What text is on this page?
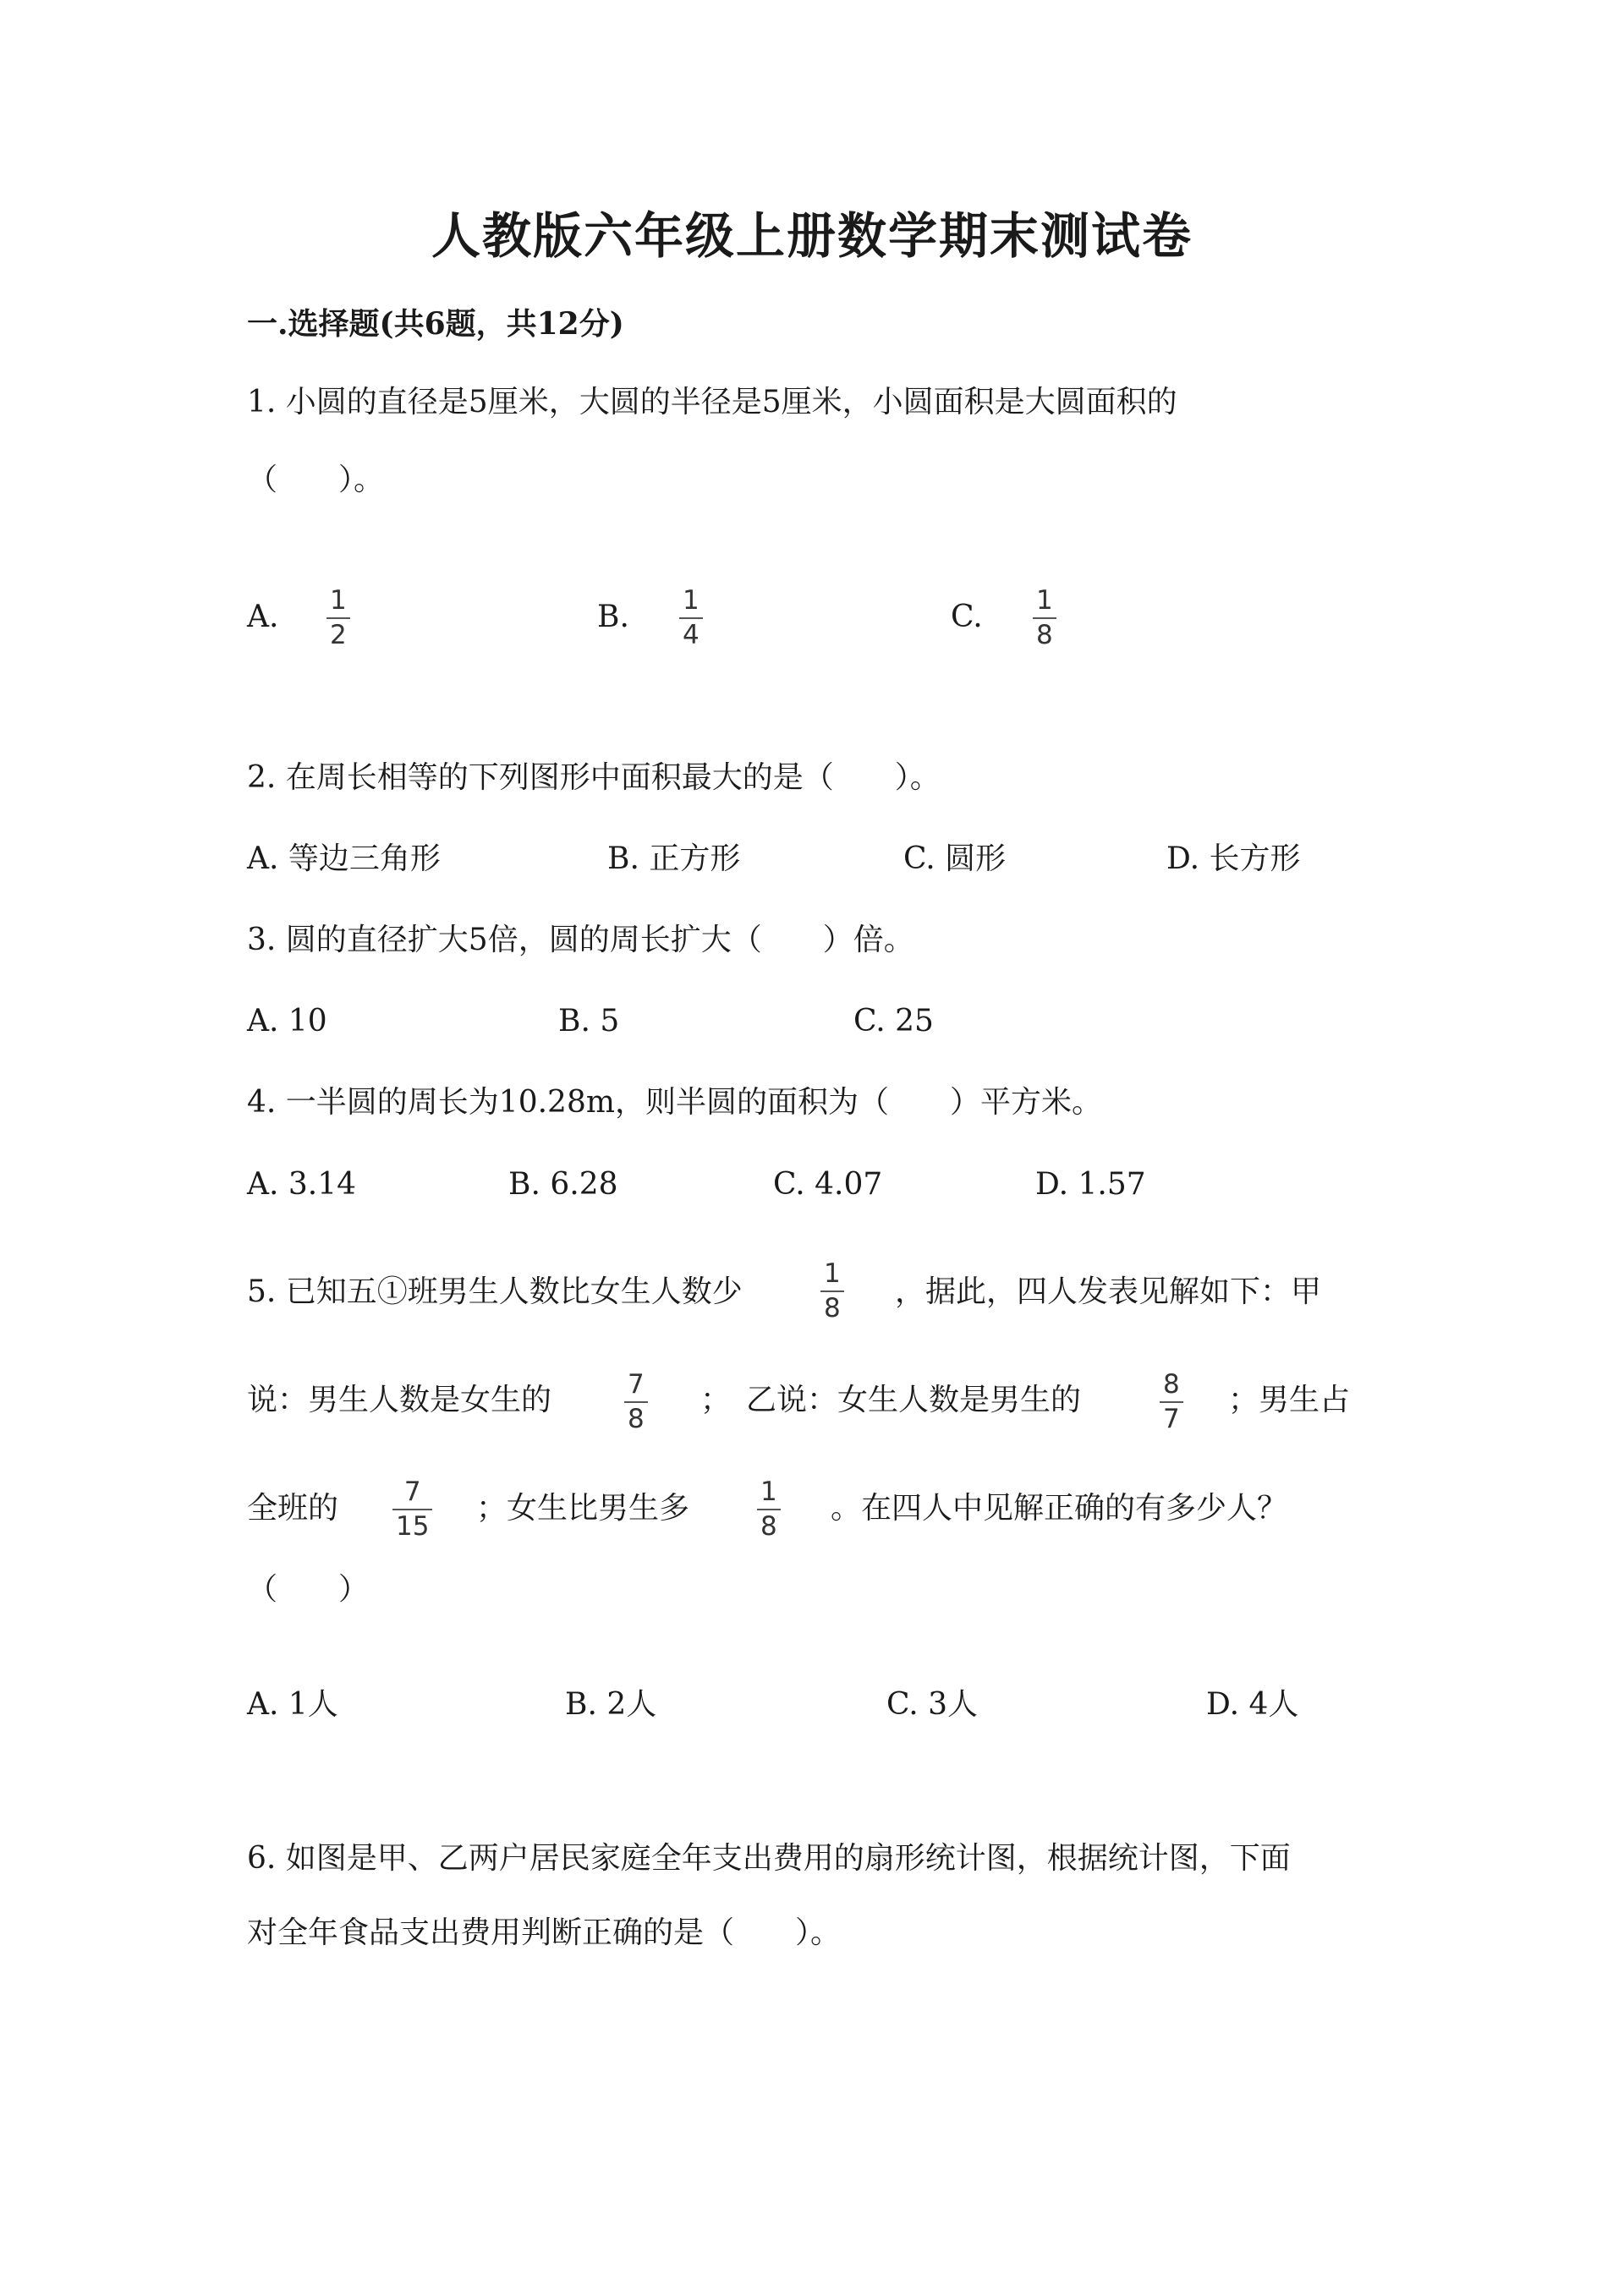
人教版六年级上册数学期末测试卷
一.选择题(共6题，共12分)
1. 小圆的直径是5厘米，大圆的半径是5厘米，小圆面积是大圆面积的
（　　）。
A. 1
2
B. 1
4
C. 1
8
2. 在周长相等的下列图形中面积最大的是（　　）。
A. 等边三角形	B. 正方形	C. 圆形	D. 长方形
3. 圆的直径扩大5倍，圆的周长扩大（　　）倍。
A. 10	B. 5	C. 25
4. 一半圆的周长为10.28m，则半圆的面积为（　　）平方米。
A. 3.14	B. 6.28	C. 4.07	D. 1.57
5. 已知五①班男生人数比女生人数少
1
8 ，据此，四人发表见解如下：甲
说：男生人数是女生的	7
8
；　乙说：女生人数是男生的	8
7
；男生占
全班的	7
15
；女生比男生多	1
8
。在四人中见解正确的有多少人？
（　　）
A. 1人	B. 2人	C. 3人	D. 4人
6. 如图是甲、乙两户居民家庭全年支出费用的扇形统计图，根据统计图，下面
对全年食品支出费用判断正确的是（　　）。
